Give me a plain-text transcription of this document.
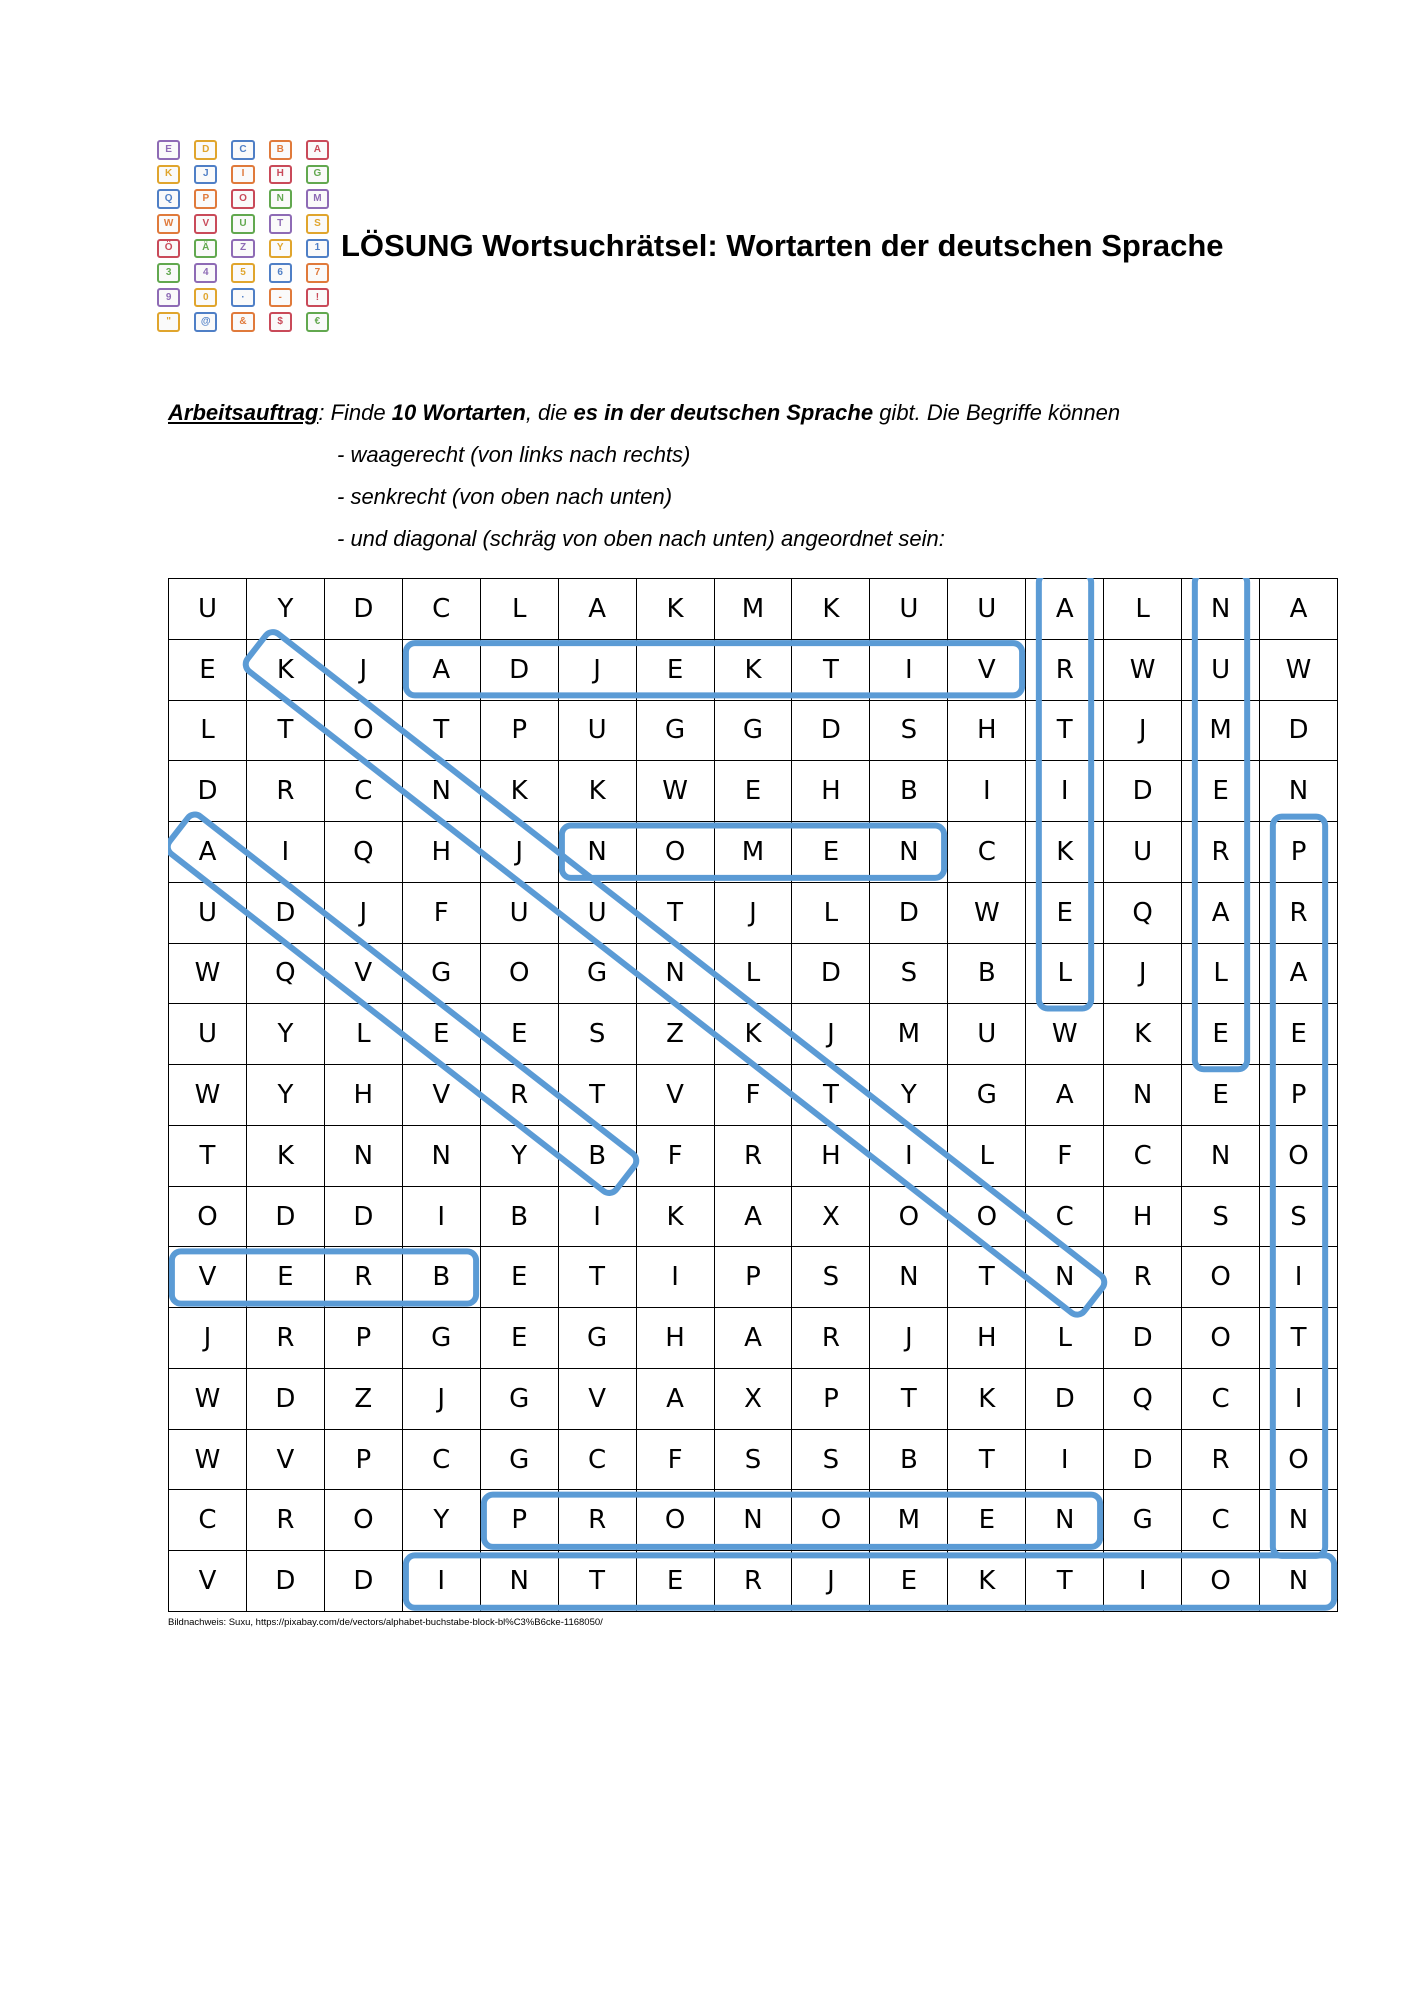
E	D	C	B	A
K	J	I	H	G
Q	P	O	N	M
W	V	U	T	S
Ö	Ä	Z	Y	1
3	4	5	6	7
9	0	·	-	!
"	@	&	$	€
LÖSUNG Wortsuchrätsel: Wortarten der deutschen Sprache
Arbeitsauftrag: Finde 10 Wortarten, die es in der deutschen Sprache gibt. Die Begriffe können
- waagerecht (von links nach rechts)
- senkrecht (von oben nach unten)
- und diagonal (schräg von oben nach unten) angeordnet sein:
U	Y	D	C	L	A	K	M	K	U	U	A	L	N	A
E	K	J	A	D	J	E	K	T	I	V	R	W	U	W
L	T	O	T	P	U	G	G	D	S	H	T	J	M	D
D	R	C	N	K	K	W	E	H	B	I	I	D	E	N
A	I	Q	H	J	N	O	M	E	N	C	K	U	R	P
U	D	J	F	U	U	T	J	L	D	W	E	Q	A	R
W	Q	V	G	O	G	N	L	D	S	B	L	J	L	A
U	Y	L	E	E	S	Z	K	J	M	U	W	K	E	E
W	Y	H	V	R	T	V	F	T	Y	G	A	N	E	P
T	K	N	N	Y	B	F	R	H	I	L	F	C	N	O
O	D	D	I	B	I	K	A	X	O	O	C	H	S	S
V	E	R	B	E	T	I	P	S	N	T	N	R	O	I
J	R	P	G	E	G	H	A	R	J	H	L	D	O	T
W	D	Z	J	G	V	A	X	P	T	K	D	Q	C	I
W	V	P	C	G	C	F	S	S	B	T	I	D	R	O
C	R	O	Y	P	R	O	N	O	M	E	N	G	C	N
V	D	D	I	N	T	E	R	J	E	K	T	I	O	N
Bildnachweis: Suxu, https://pixabay.com/de/vectors/alphabet-buchstabe-block-bl%C3%B6cke-1168050/
